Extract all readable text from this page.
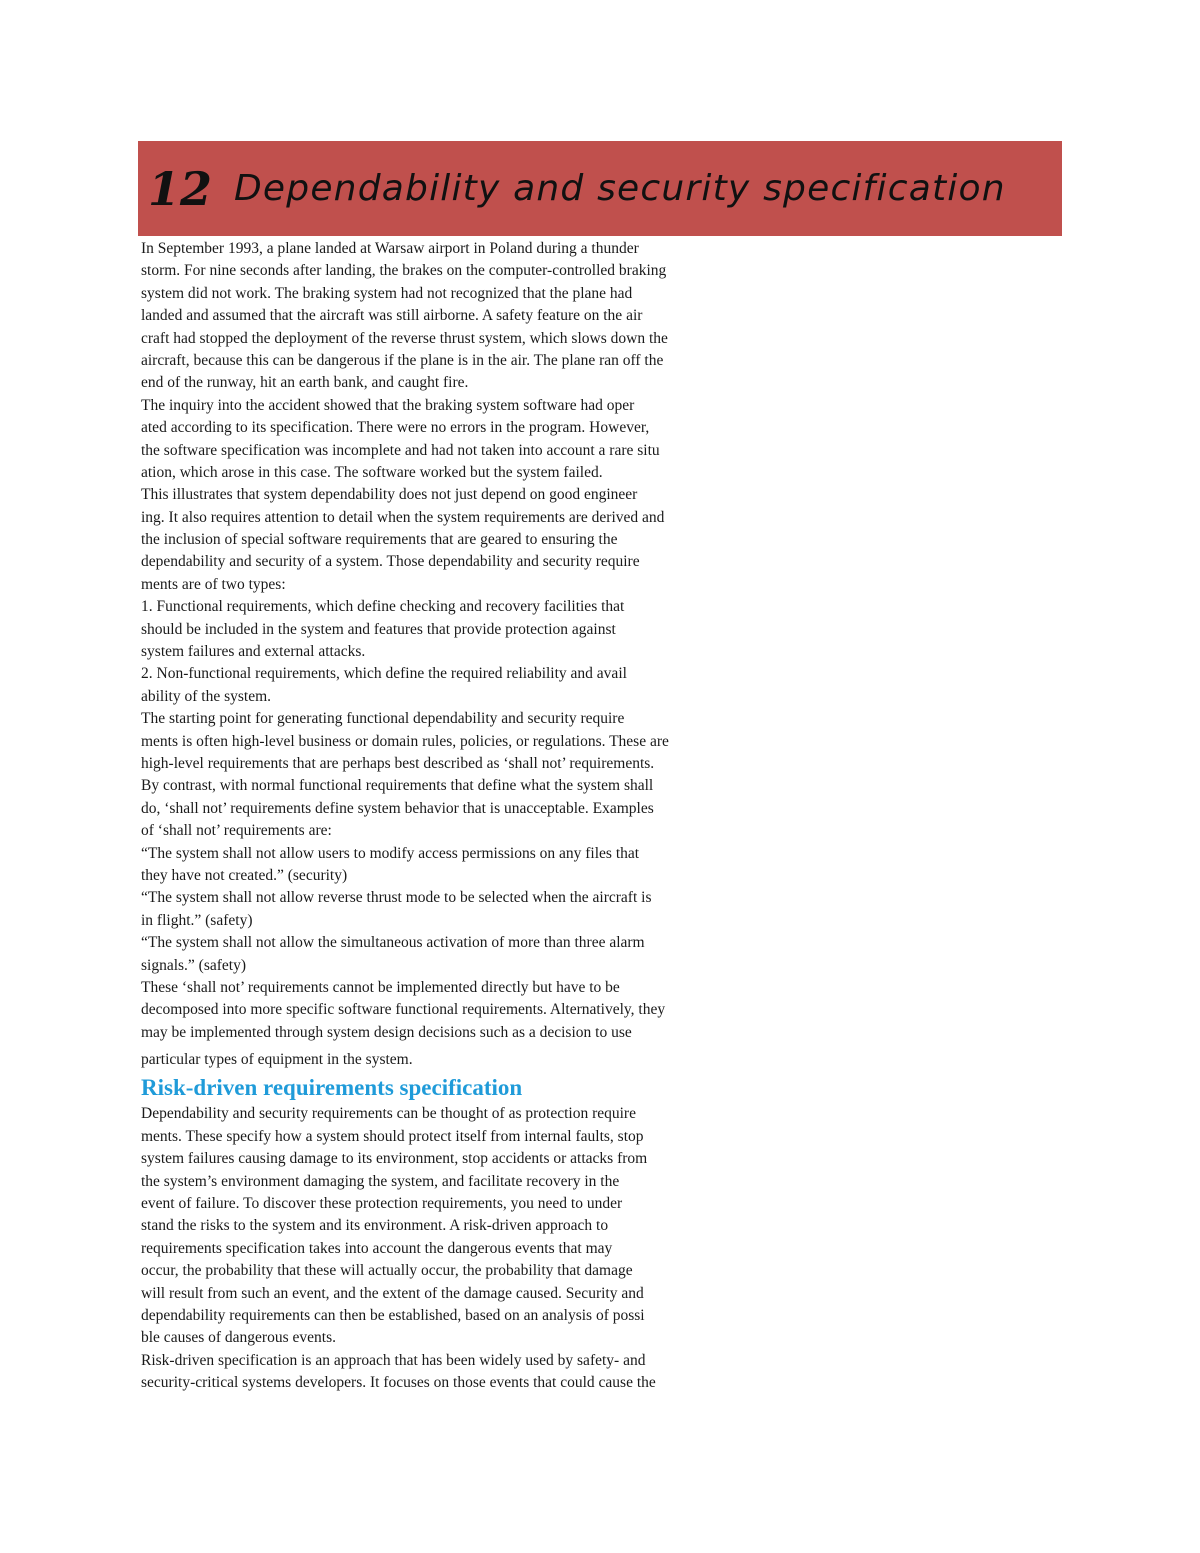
12 Dependability and security specification
In September 1993, a plane landed at Warsaw airport in Poland during a thunder
storm. For nine seconds after landing, the brakes on the computer-controlled braking
system did not work. The braking system had not recognized that the plane had
landed and assumed that the aircraft was still airborne. A safety feature on the air
craft had stopped the deployment of the reverse thrust system, which slows down the
aircraft, because this can be dangerous if the plane is in the air. The plane ran off the
end of the runway, hit an earth bank, and caught fire.
The inquiry into the accident showed that the braking system software had oper
ated according to its specification. There were no errors in the program. However,
the software specification was incomplete and had not taken into account a rare situ
ation, which arose in this case. The software worked but the system failed.
This illustrates that system dependability does not just depend on good engineer
ing. It also requires attention to detail when the system requirements are derived and
the inclusion of special software requirements that are geared to ensuring the
dependability and security of a system. Those dependability and security require
ments are of two types:
1. Functional requirements, which define checking and recovery facilities that
should be included in the system and features that provide protection against
system failures and external attacks.
2. Non-functional requirements, which define the required reliability and avail
ability of the system.
The starting point for generating functional dependability and security require
ments is often high-level business or domain rules, policies, or regulations. These are
high-level requirements that are perhaps best described as ‘shall not’ requirements.
By contrast, with normal functional requirements that define what the system shall
do, ‘shall not’ requirements define system behavior that is unacceptable. Examples
of ‘shall not’ requirements are:
“The system shall not allow users to modify access permissions on any files that
they have not created.” (security)
“The system shall not allow reverse thrust mode to be selected when the aircraft is
in flight.” (safety)
“The system shall not allow the simultaneous activation of more than three alarm
signals.” (safety)
These ‘shall not’ requirements cannot be implemented directly but have to be
decomposed into more specific software functional requirements. Alternatively, they
may be implemented through system design decisions such as a decision to use
particular types of equipment in the system.
Risk-driven requirements specification
Dependability and security requirements can be thought of as protection require
ments. These specify how a system should protect itself from internal faults, stop
system failures causing damage to its environment, stop accidents or attacks from
the system’s environment damaging the system, and facilitate recovery in the
event of failure. To discover these protection requirements, you need to under
stand the risks to the system and its environment. A risk-driven approach to
requirements specification takes into account the dangerous events that may
occur, the probability that these will actually occur, the probability that damage
will result from such an event, and the extent of the damage caused. Security and
dependability requirements can then be established, based on an analysis of possi
ble causes of dangerous events.
Risk-driven specification is an approach that has been widely used by safety- and
security-critical systems developers. It focuses on those events that could cause the
